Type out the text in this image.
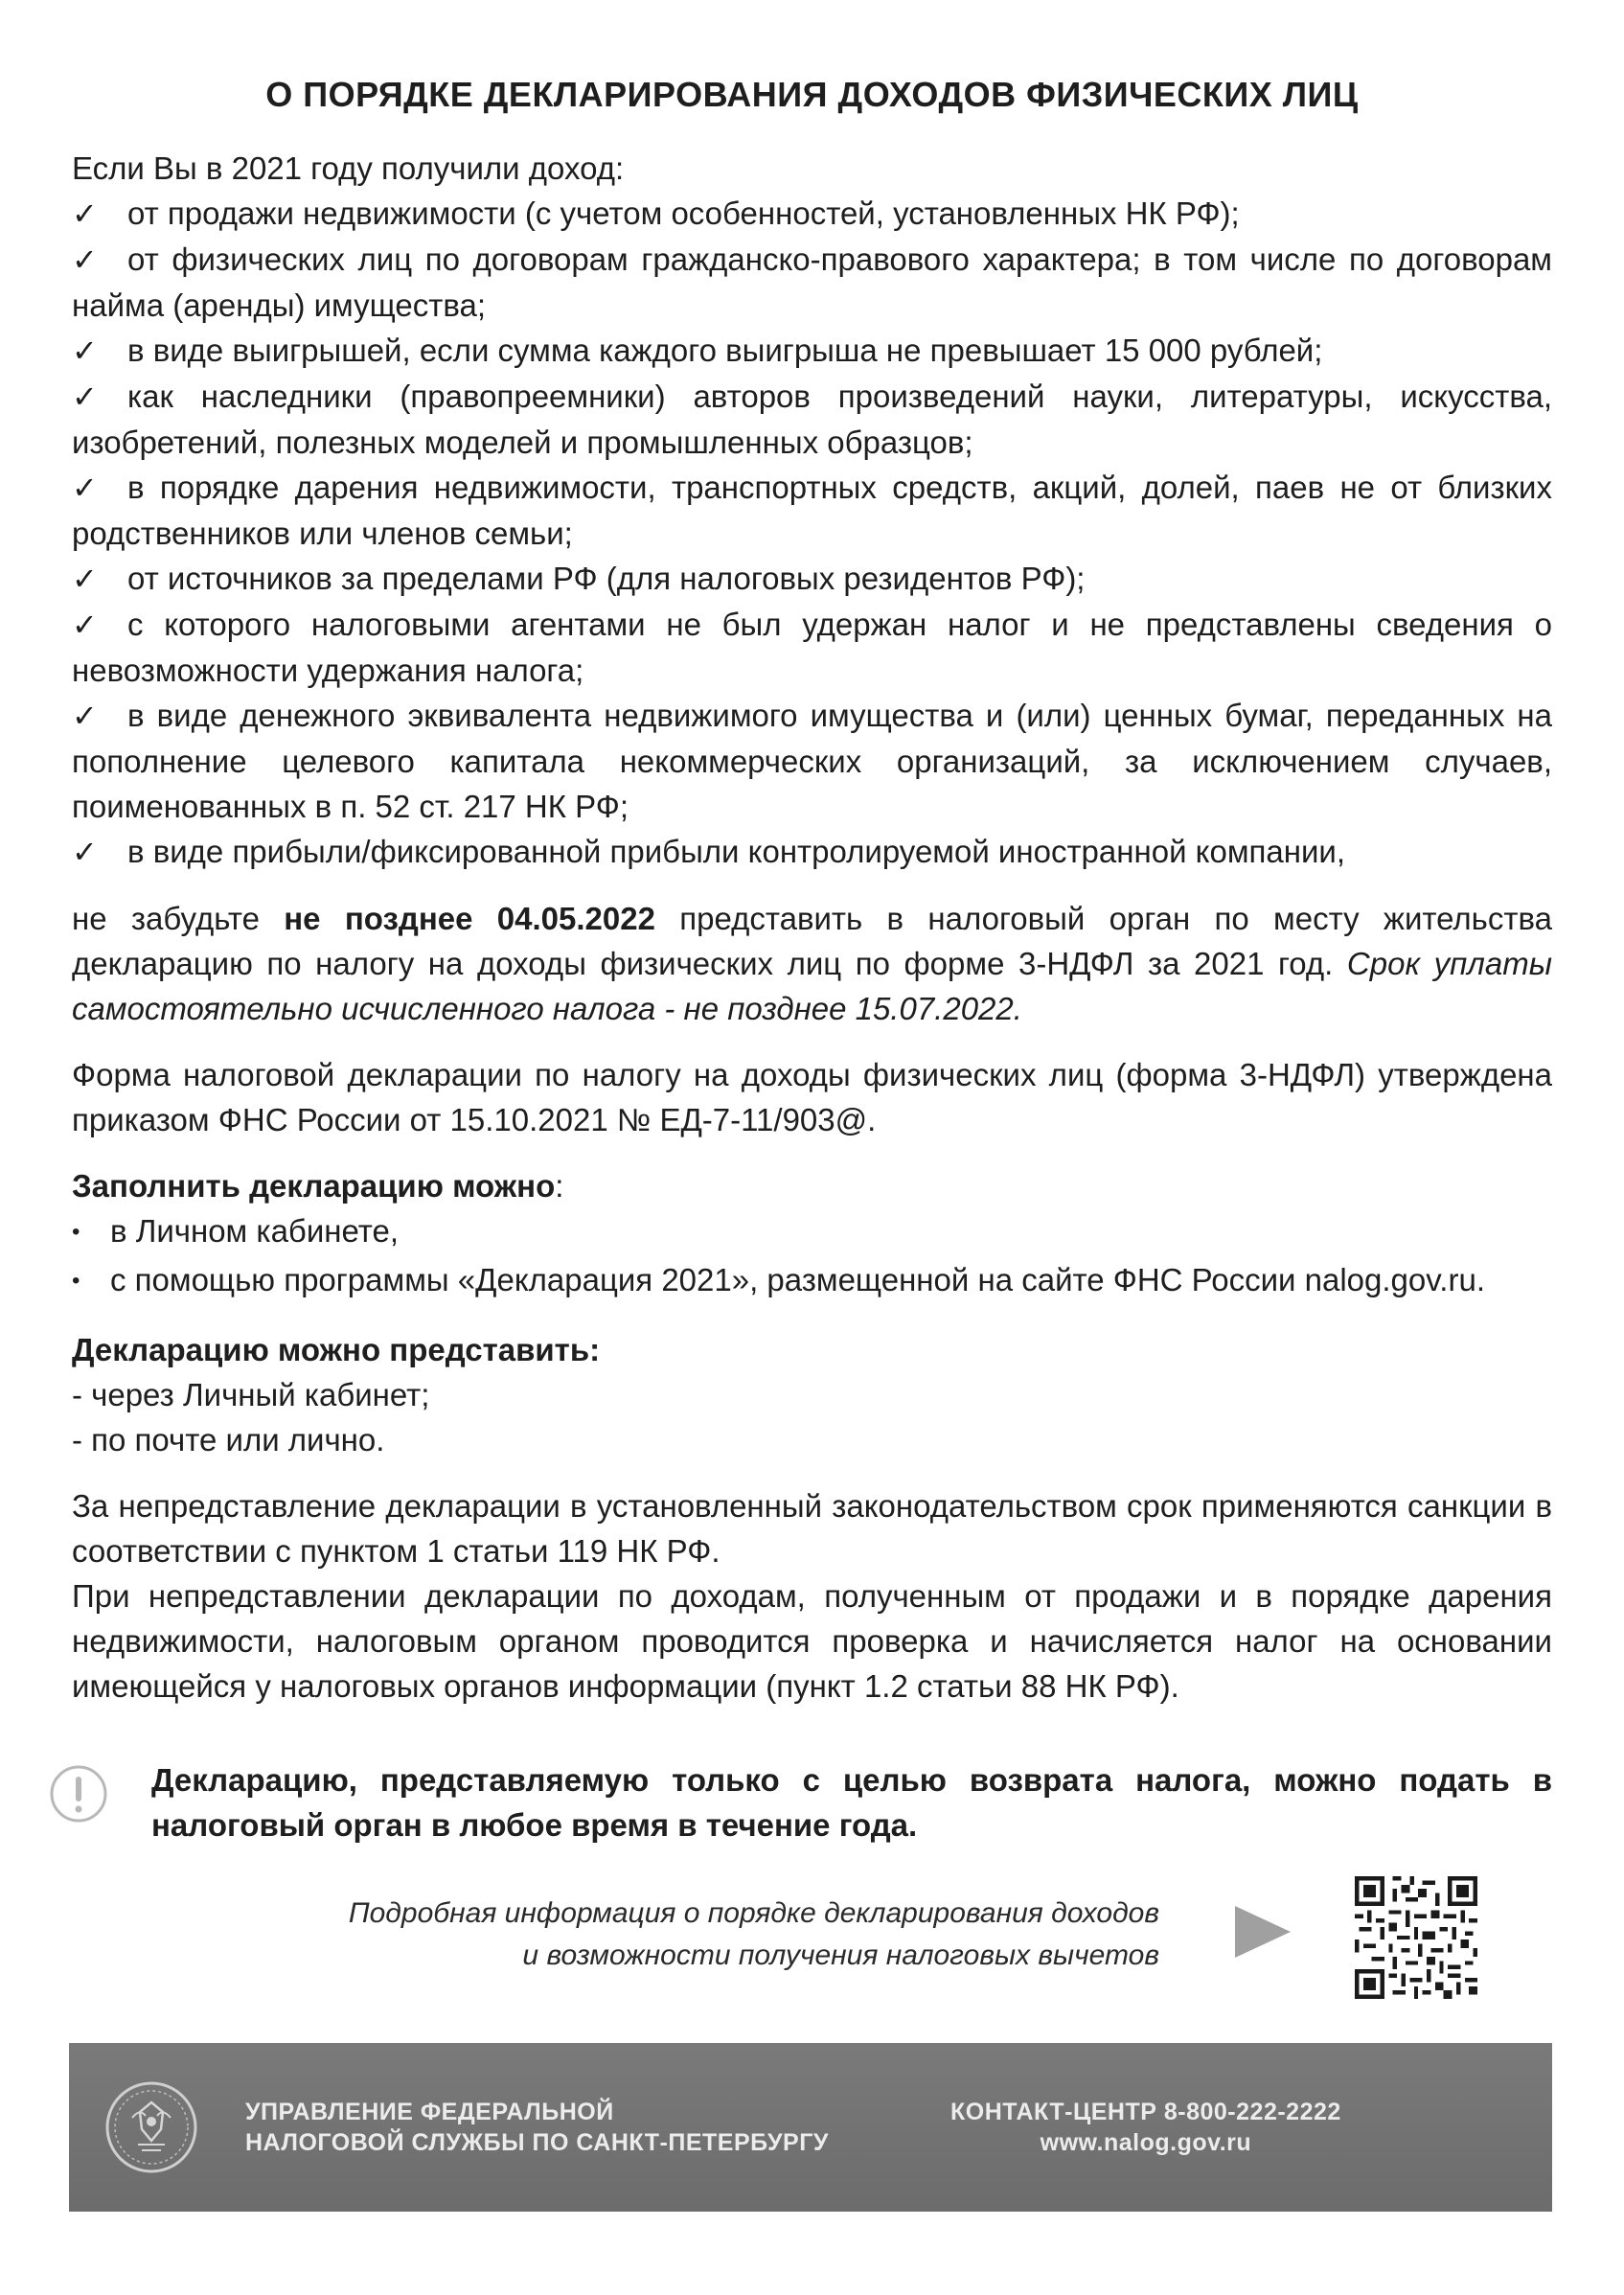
О ПОРЯДКЕ ДЕКЛАРИРОВАНИЯ ДОХОДОВ ФИЗИЧЕСКИХ ЛИЦ

Если Вы в 2021 году получили доход:

✓ от продажи недвижимости (с учетом особенностей, установленных НК РФ);
✓ от физических лиц по договорам гражданско-правового характера; в том числе по договорам найма (аренды) имущества;
✓ в виде выигрышей, если сумма каждого выигрыша не превышает 15 000 рублей;
✓ как наследники (правопреемники) авторов произведений науки, литературы, искусства, изобретений, полезных моделей и промышленных образцов;
✓ в порядке дарения недвижимости, транспортных средств, акций, долей, паев не от близких родственников или членов семьи;
✓ от источников за пределами РФ (для налоговых резидентов РФ);
✓ с которого налоговыми агентами не был удержан налог и не представлены сведения о невозможности удержания налога;
✓ в виде денежного эквивалента недвижимого имущества и (или) ценных бумаг, переданных на пополнение целевого капитала некоммерческих организаций, за исключением случаев, поименованных в п. 52 ст. 217 НК РФ;
✓ в виде прибыли/фиксированной прибыли контролируемой иностранной компании,

не забудьте не позднее 04.05.2022 представить в налоговый орган по месту жительства декларацию по налогу на доходы физических лиц по форме 3-НДФЛ за 2021 год. Срок уплаты самостоятельно исчисленного налога - не позднее 15.07.2022.

Форма налоговой декларации по налогу на доходы физических лиц (форма 3-НДФЛ) утверждена приказом ФНС России от 15.10.2021 № ЕД-7-11/903@.

Заполнить декларацию можно:

• в Личном кабинете,

• с помощью программы «Декларация 2021», размещенной на сайте ФНС России nalog.gov.ru.

Декларацию можно представить:

- через Личный кабинет;

- по почте или лично.

За непредставление декларации в установленный законодательством срок применяются санкции в соответствии с пунктом 1 статьи 119 НК РФ.

При непредставлении декларации по доходам, полученным от продажи и в порядке дарения недвижимости, налоговым органом проводится проверка и начисляется налог на основании имеющейся у налоговых органов информации (пункт 1.2 статьи 88 НК РФ).

Декларацию, представляемую только с целью возврата налога, можно подать в налоговый орган в любое время в течение года.
Подробная информация о порядке декларирования доходов
и возможности получения налоговых вычетов
УПРАВЛЕНИЕ ФЕДЕРАЛЬНОЙ
НАЛОГОВОЙ СЛУЖБЫ ПО САНКТ-ПЕТЕРБУРГУ
КОНТАКТ-ЦЕНТР 8-800-222-2222
www.nalog.gov.ru
